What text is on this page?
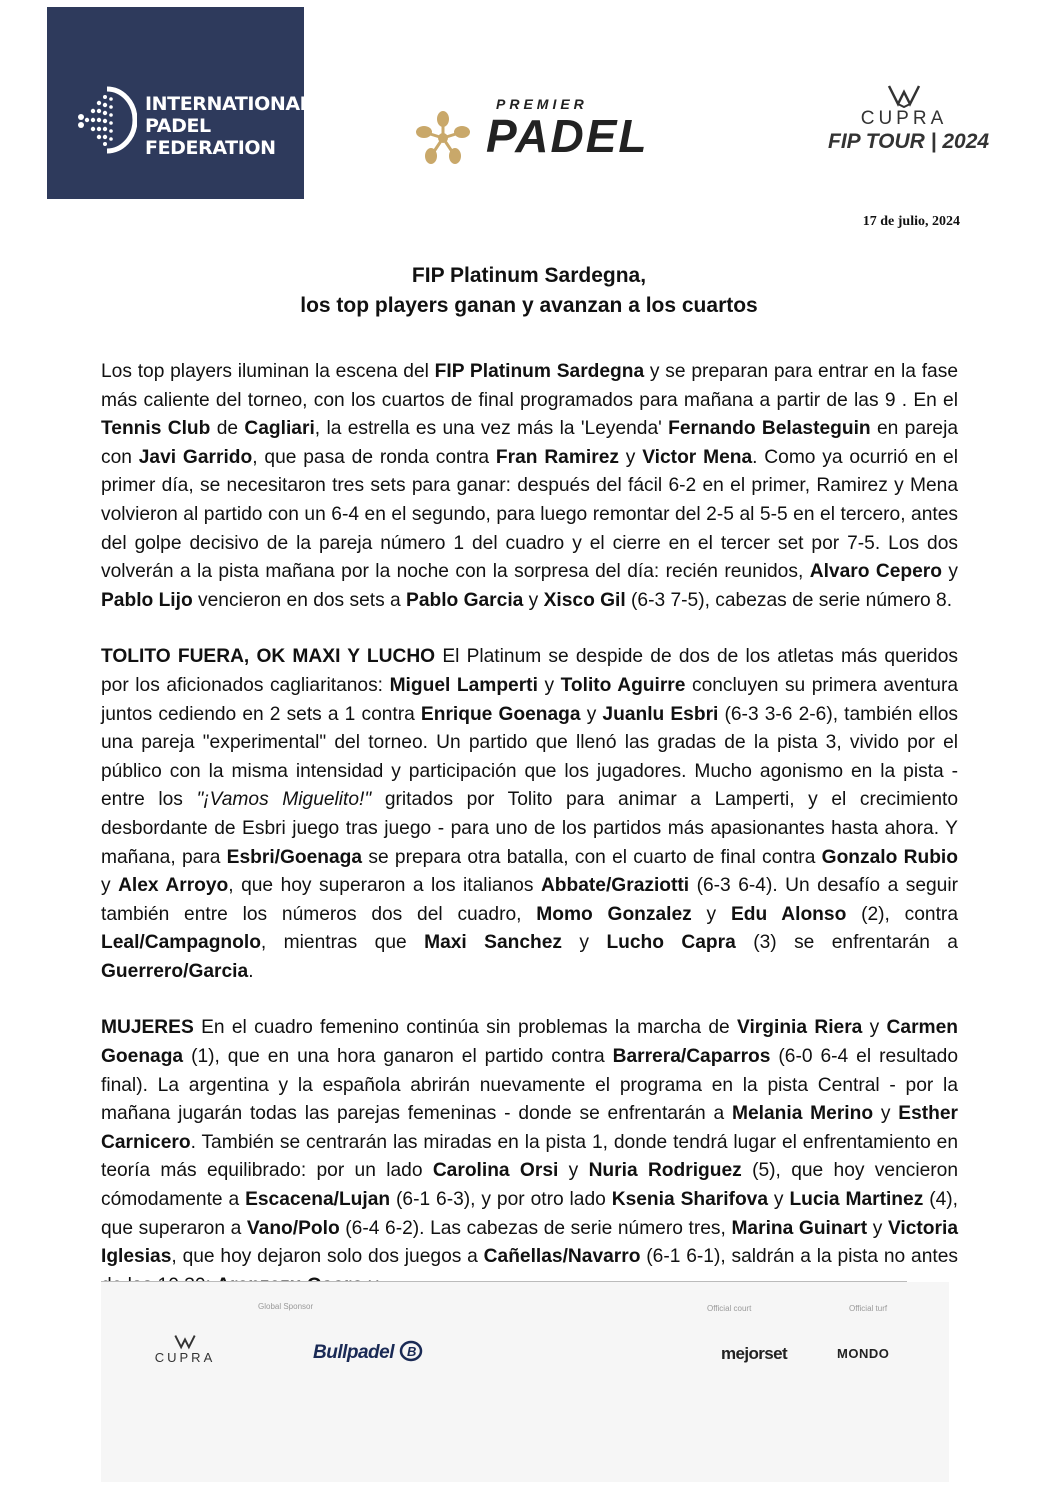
INTERNATIONAL
PADEL
FEDERATION
PREMIER
PADEL	CUPRA
FIP TOUR | 2024
17 de julio, 2024
FIP Platinum Sardegna,
los top players ganan y avanzan a los cuartos

Los top players iluminan la escena del FIP Platinum Sardegna y se preparan para entrar en la fase más caliente del torneo, con los cuartos de final programados para mañana a partir de las 9 . En el Tennis Club de Cagliari, la estrella es una vez más la 'Leyenda' Fernando Belasteguin en pareja con Javi Garrido, que pasa de ronda contra Fran Ramirez y Victor Mena. Como ya ocurrió en el primer día, se necesitaron tres sets para ganar: después del fácil 6-2 en el primer, Ramirez y Mena volvieron al partido con un 6-4 en el segundo, para luego remontar del 2-5 al 5-5 en el tercero, antes del golpe decisivo de la pareja número 1 del cuadro y el cierre en el tercer set por 7-5. Los dos volverán a la pista mañana por la noche con la sorpresa del día: recién reunidos, Alvaro Cepero y Pablo Lijo vencieron en dos sets a Pablo Garcia y Xisco Gil (6-3 7-5), cabezas de serie número 8.

TOLITO FUERA, OK MAXI Y LUCHO El Platinum se despide de dos de los atletas más queridos por los aficionados cagliaritanos: Miguel Lamperti y Tolito Aguirre concluyen su primera aventura juntos cediendo en 2 sets a 1 contra Enrique Goenaga y Juanlu Esbri (6-3 3-6 2-6), también ellos una pareja "experimental" del torneo. Un partido que llenó las gradas de la pista 3, vivido por el público con la misma intensidad y participación que los jugadores. Mucho agonismo en la pista - entre los "¡Vamos Miguelito!" gritados por Tolito para animar a Lamperti, y el crecimiento desbordante de Esbri juego tras juego - para uno de los partidos más apasionantes hasta ahora. Y mañana, para Esbri/Goenaga se prepara otra batalla, con el cuarto de final contra Gonzalo Rubio y Alex Arroyo, que hoy superaron a los italianos Abbate/Graziotti (6-3 6-4). Un desafío a seguir también entre los números dos del cuadro, Momo Gonzalez y Edu Alonso (2), contra Leal/Campagnolo, mientras que Maxi Sanchez y Lucho Capra (3) se enfrentarán a Guerrero/Garcia.

MUJERES En el cuadro femenino continúa sin problemas la marcha de Virginia Riera y Carmen Goenaga (1), que en una hora ganaron el partido contra Barrera/Caparros (6-0 6-4 el resultado final). La argentina y la española abrirán nuevamente el programa en la pista Central - por la mañana jugarán todas las parejas femeninas - donde se enfrentarán a Melania Merino y Esther Carnicero. También se centrarán las miradas en la pista 1, donde tendrá lugar el enfrentamiento en teoría más equilibrado: por un lado Carolina Orsi y Nuria Rodriguez (5), que hoy vencieron cómodamente a Escacena/Lujan (6-1 6-3), y por otro lado Ksenia Sharifova y Lucia Martinez (4), que superaron a Vano/Polo (6-4 6-2). Las cabezas de serie número tres, Marina Guinart y Victoria Iglesias, que hoy dejaron solo dos juegos a Cañellas/Navarro (6-1 6-1), saldrán a la pista no antes

Global Sponsor	Official court	Official turf
CUPRA	Bullpadel B	mejorset	MONDO
